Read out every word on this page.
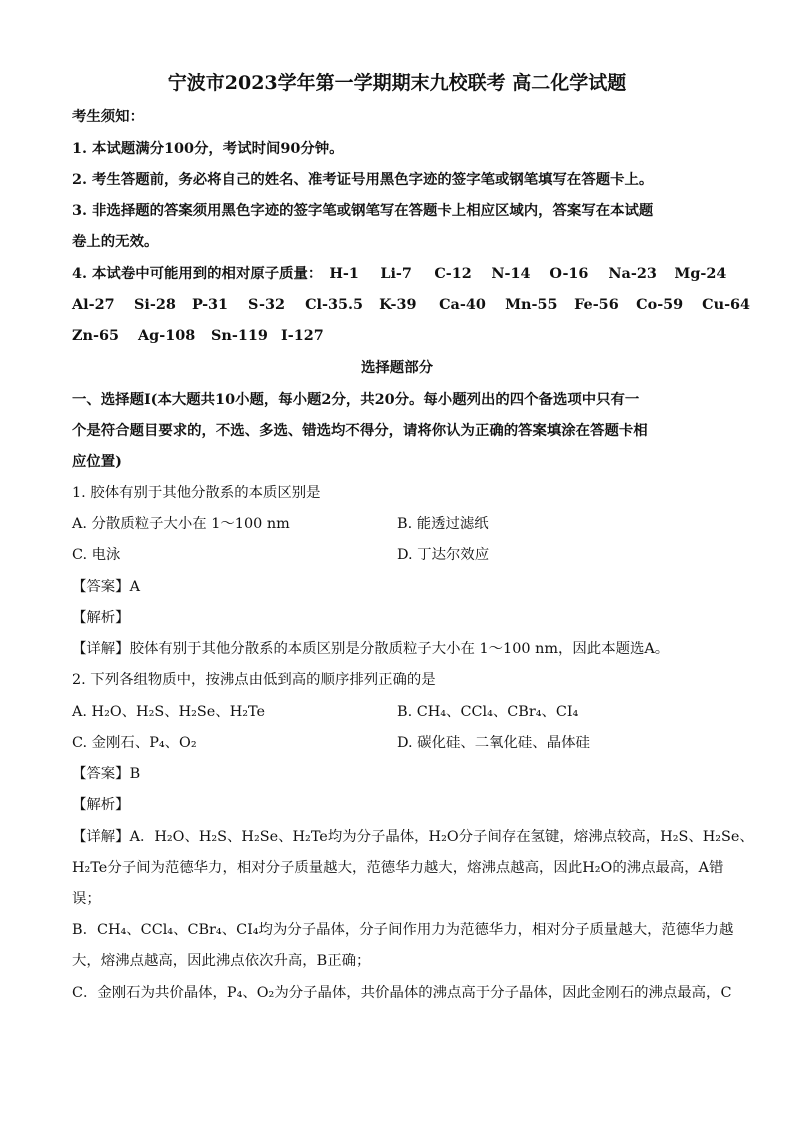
宁波市2023学年第一学期期末九校联考 高二化学试题
考生须知：
1. 本试题满分100分，考试时间90分钟。
2. 考生答题前，务必将自己的姓名、准考证号用黑色字迹的签字笔或钢笔填写在答题卡上。
3. 非选择题的答案须用黑色字迹的签字笔或钢笔写在答题卡上相应区域内，答案写在本试题
卷上的无效。
4. 本试卷中可能用到的相对原子质量： H-1 Li-7 C-12 N-14 O-16 Na-23 Mg-24
Al-27 Si-28 P-31 S-32 Cl-35.5 K-39 Ca-40 Mn-55 Fe-56 Co-59 Cu-64
Zn-65 Ag-108 Sn-119 I-127
选择题部分
一、选择题Ⅰ(本大题共10小题，每小题2分，共20分。每小题列出的四个备选项中只有一
个是符合题目要求的，不选、多选、错选均不得分，请将你认为正确的答案填涂在答题卡相
应位置)
1. 胶体有别于其他分散系的本质区别是
A. 分散质粒子大小在 1～100 nm	B. 能透过滤纸
C. 电泳	D. 丁达尔效应
【答案】A
【解析】
【详解】胶体有别于其他分散系的本质区别是分散质粒子大小在 1～100 nm，因此本题选A。
2. 下列各组物质中，按沸点由低到高的顺序排列正确的是
A. H₂O、H₂S、H₂Se、H₂Te	B. CH₄、CCl₄、CBr₄、CI₄
C. 金刚石、P₄、O₂	D. 碳化硅、二氧化硅、晶体硅
【答案】B
【解析】
【详解】A．H₂O、H₂S、H₂Se、H₂Te均为分子晶体，H₂O分子间存在氢键，熔沸点较高，H₂S、H₂Se、
H₂Te分子间为范德华力，相对分子质量越大，范德华力越大，熔沸点越高，因此H₂O的沸点最高，A错
误；
B．CH₄、CCl₄、CBr₄、CI₄均为分子晶体，分子间作用力为范德华力，相对分子质量越大，范德华力越
大，熔沸点越高，因此沸点依次升高，B正确；
C．金刚石为共价晶体，P₄、O₂为分子晶体，共价晶体的沸点高于分子晶体，因此金刚石的沸点最高，C
